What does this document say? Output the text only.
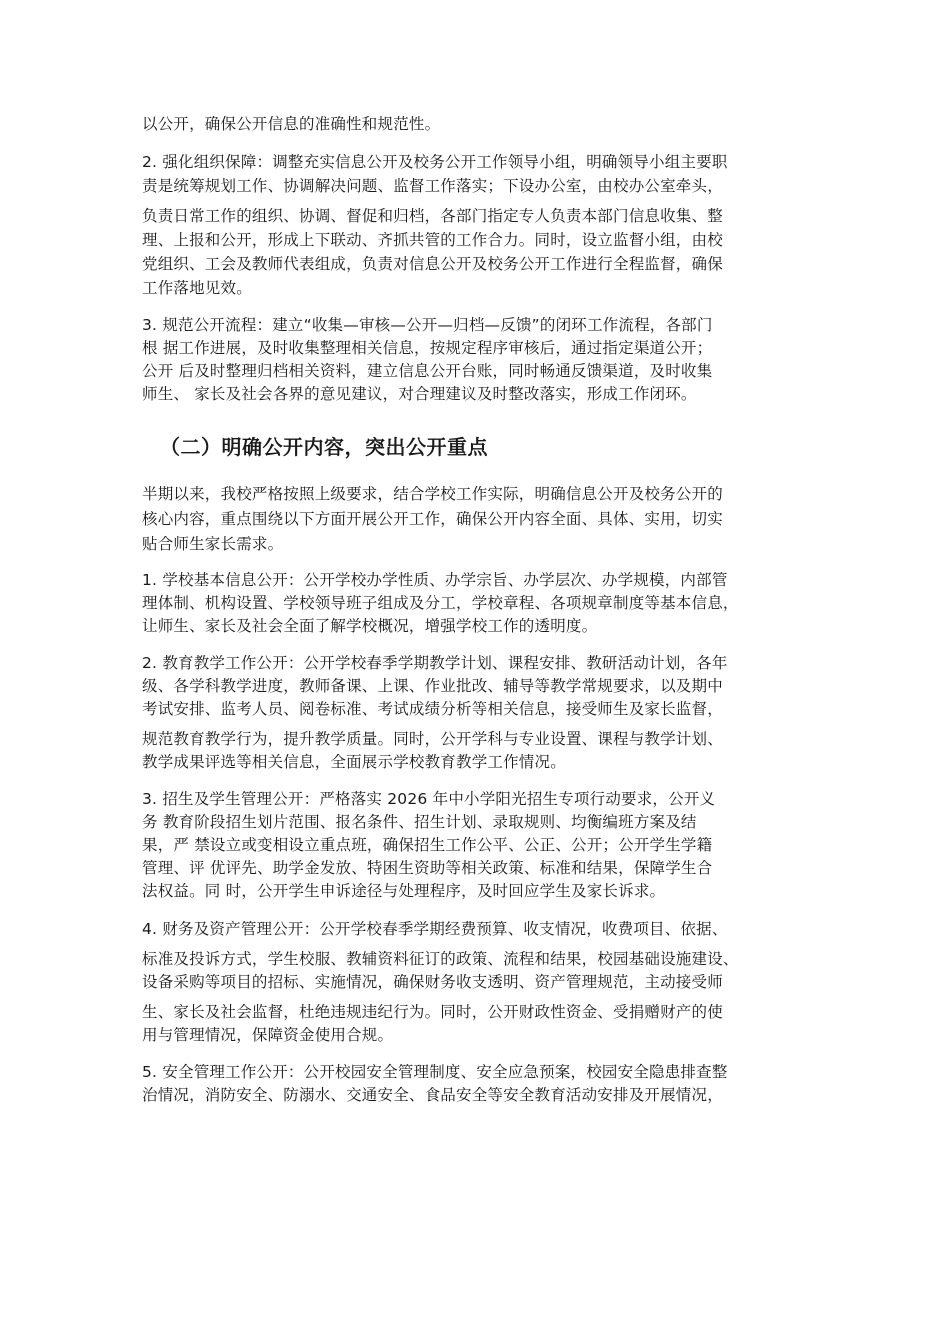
以公开，确保公开信息的准确性和规范性。
2. 强化组织保障：调整充实信息公开及校务公开工作领导小组，明确领导小组主要职
责是统筹规划工作、协调解决问题、监督工作落实；下设办公室，由校办公室牵头，
负责日常工作的组织、协调、督促和归档，各部门指定专人负责本部门信息收集、整
理、上报和公开，形成上下联动、齐抓共管的工作合力。同时，设立监督小组，由校
党组织、工会及教师代表组成，负责对信息公开及校务公开工作进行全程监督，确保
工作落地见效。
3. 规范公开流程：建立“收集—审核—公开—归档—反馈”的闭环工作流程，各部门
根 据工作进展，及时收集整理相关信息，按规定程序审核后，通过指定渠道公开；
公开 后及时整理归档相关资料，建立信息公开台账，同时畅通反馈渠道，及时收集
师生、 家长及社会各界的意见建议，对合理建议及时整改落实，形成工作闭环。
（二）明确公开内容，突出公开重点
半期以来，我校严格按照上级要求，结合学校工作实际，明确信息公开及校务公开的
核心内容，重点围绕以下方面开展公开工作，确保公开内容全面、具体、实用，切实
贴合师生家长需求。
1. 学校基本信息公开：公开学校办学性质、办学宗旨、办学层次、办学规模，内部管
理体制、机构设置、学校领导班子组成及分工，学校章程、各项规章制度等基本信息，
让师生、家长及社会全面了解学校概况，增强学校工作的透明度。
2. 教育教学工作公开：公开学校春季学期教学计划、课程安排、教研活动计划，各年
级、各学科教学进度，教师备课、上课、作业批改、辅导等教学常规要求，以及期中
考试安排、监考人员、阅卷标准、考试成绩分析等相关信息，接受师生及家长监督，
规范教育教学行为，提升教学质量。同时，公开学科与专业设置、课程与教学计划、
教学成果评选等相关信息，全面展示学校教育教学工作情况。
3. 招生及学生管理公开：严格落实 2026 年中小学阳光招生专项行动要求，公开义
务 教育阶段招生划片范围、报名条件、招生计划、录取规则、均衡编班方案及结
果，严 禁设立或变相设立重点班，确保招生工作公平、公正、公开；公开学生学籍
管理、评 优评先、助学金发放、特困生资助等相关政策、标准和结果，保障学生合
法权益。同 时，公开学生申诉途径与处理程序，及时回应学生及家长诉求。
4. 财务及资产管理公开：公开学校春季学期经费预算、收支情况，收费项目、依据、
标准及投诉方式，学生校服、教辅资料征订的政策、流程和结果，校园基础设施建设、
设备采购等项目的招标、实施情况，确保财务收支透明、资产管理规范，主动接受师
生、家长及社会监督，杜绝违规违纪行为。同时，公开财政性资金、受捐赠财产的使
用与管理情况，保障资金使用合规。
5. 安全管理工作公开：公开校园安全管理制度、安全应急预案，校园安全隐患排查整
治情况，消防安全、防溺水、交通安全、食品安全等安全教育活动安排及开展情况，
